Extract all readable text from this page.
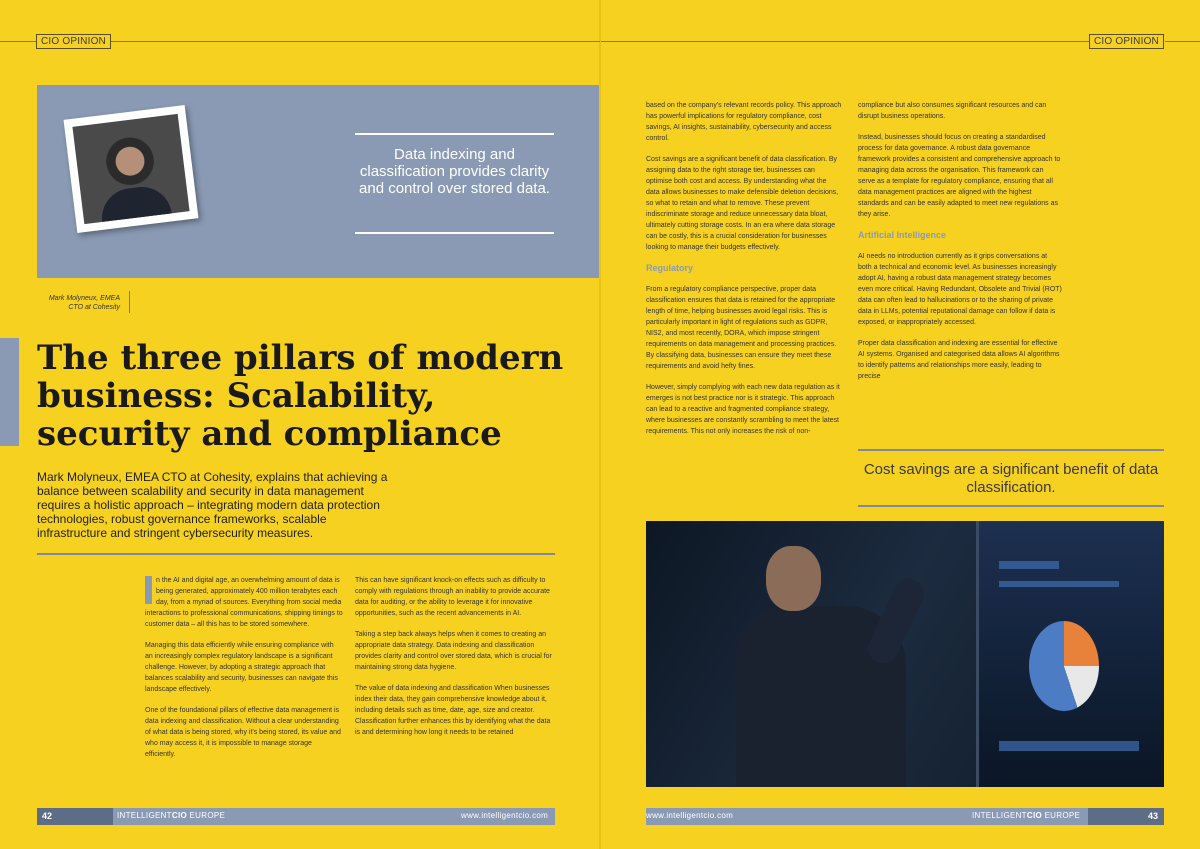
CIO OPINION	CIO OPINION
Data indexing and classification provides clarity and control over stored data.
Mark Molyneux, EMEA
CTO at Cohesity
The three pillars of modern business: Scalability, security and compliance
Mark Molyneux, EMEA CTO at Cohesity, explains that achieving a balance between scalability and security in data management requires a holistic approach – integrating modern data protection technologies, robust governance frameworks, scalable infrastructure and stringent cybersecurity measures.

n the AI and digital age, an overwhelming amount of data is being generated, approximately 400 million terabytes each day, from a myriad of sources. Everything from social media interactions to professional communications, shipping timings to customer data – all this has to be stored somewhere.

Managing this data efficiently while ensuring compliance with an increasingly complex regulatory landscape is a significant challenge. However, by adopting a strategic approach that balances scalability and security, businesses can navigate this landscape effectively.

One of the foundational pillars of effective data management is data indexing and classification. Without a clear understanding of what data is being stored, why it's being stored, its value and who may access it, it is impossible to manage storage efficiently.

This can have significant knock-on effects such as difficulty to comply with regulations through an inability to provide accurate data for auditing, or the ability to leverage it for innovative opportunities, such as the recent advancements in AI.

Taking a step back always helps when it comes to creating an appropriate data strategy. Data indexing and classification provides clarity and control over stored data, which is crucial for maintaining strong data hygiene.

The value of data indexing and classification When businesses index their data, they gain comprehensive knowledge about it, including details such as time, date, age, size and creator. Classification further enhances this by identifying what the data is and determining how long it needs to be retained

based on the company's relevant records policy. This approach has powerful implications for regulatory compliance, cost savings, AI insights, sustainability, cybersecurity and access control.

Cost savings are a significant benefit of data classification. By assigning data to the right storage tier, businesses can optimise both cost and access. By understanding what the data allows businesses to make defensible deletion decisions, so what to retain and what to remove. These prevent indiscriminate storage and reduce unnecessary data bloat, ultimately cutting storage costs. In an era where data storage can be costly, this is a crucial consideration for businesses looking to manage their budgets effectively.

Regulatory

From a regulatory compliance perspective, proper data classification ensures that data is retained for the appropriate length of time, helping businesses avoid legal risks. This is particularly important in light of regulations such as GDPR, NIS2, and most recently, DORA, which impose stringent requirements on data management and processing practices. By classifying data, businesses can ensure they meet these requirements and avoid hefty fines.

However, simply complying with each new data regulation as it emerges is not best practice nor is it strategic. This approach can lead to a reactive and fragmented compliance strategy, where businesses are constantly scrambling to meet the latest requirements. This not only increases the risk of non-

compliance but also consumes significant resources and can disrupt business operations.

Instead, businesses should focus on creating a standardised process for data governance. A robust data governance framework provides a consistent and comprehensive approach to managing data across the organisation. This framework can serve as a template for regulatory compliance, ensuring that all data management practices are aligned with the highest standards and can be easily adapted to meet new regulations as they arise.

Artificial Intelligence

AI needs no introduction currently as it grips conversations at both a technical and economic level. As businesses increasingly adopt AI, having a robust data management strategy becomes even more critical. Having Redundant, Obsolete and Trivial (ROT) data can often lead to hallucinations or to the sharing of private data in LLMs, potential reputational damage can follow if data is exposed, or inappropriately accessed.

Proper data classification and indexing are essential for effective AI systems. Organised and categorised data allows AI algorithms to identify patterns and relationships more easily, leading to precise

Cost savings are a significant benefit of data classification.
42	INTELLIGENTCIO EUROPE	www.intelligentcio.com	www.intelligentcio.com	INTELLIGENTCIO EUROPE	43
